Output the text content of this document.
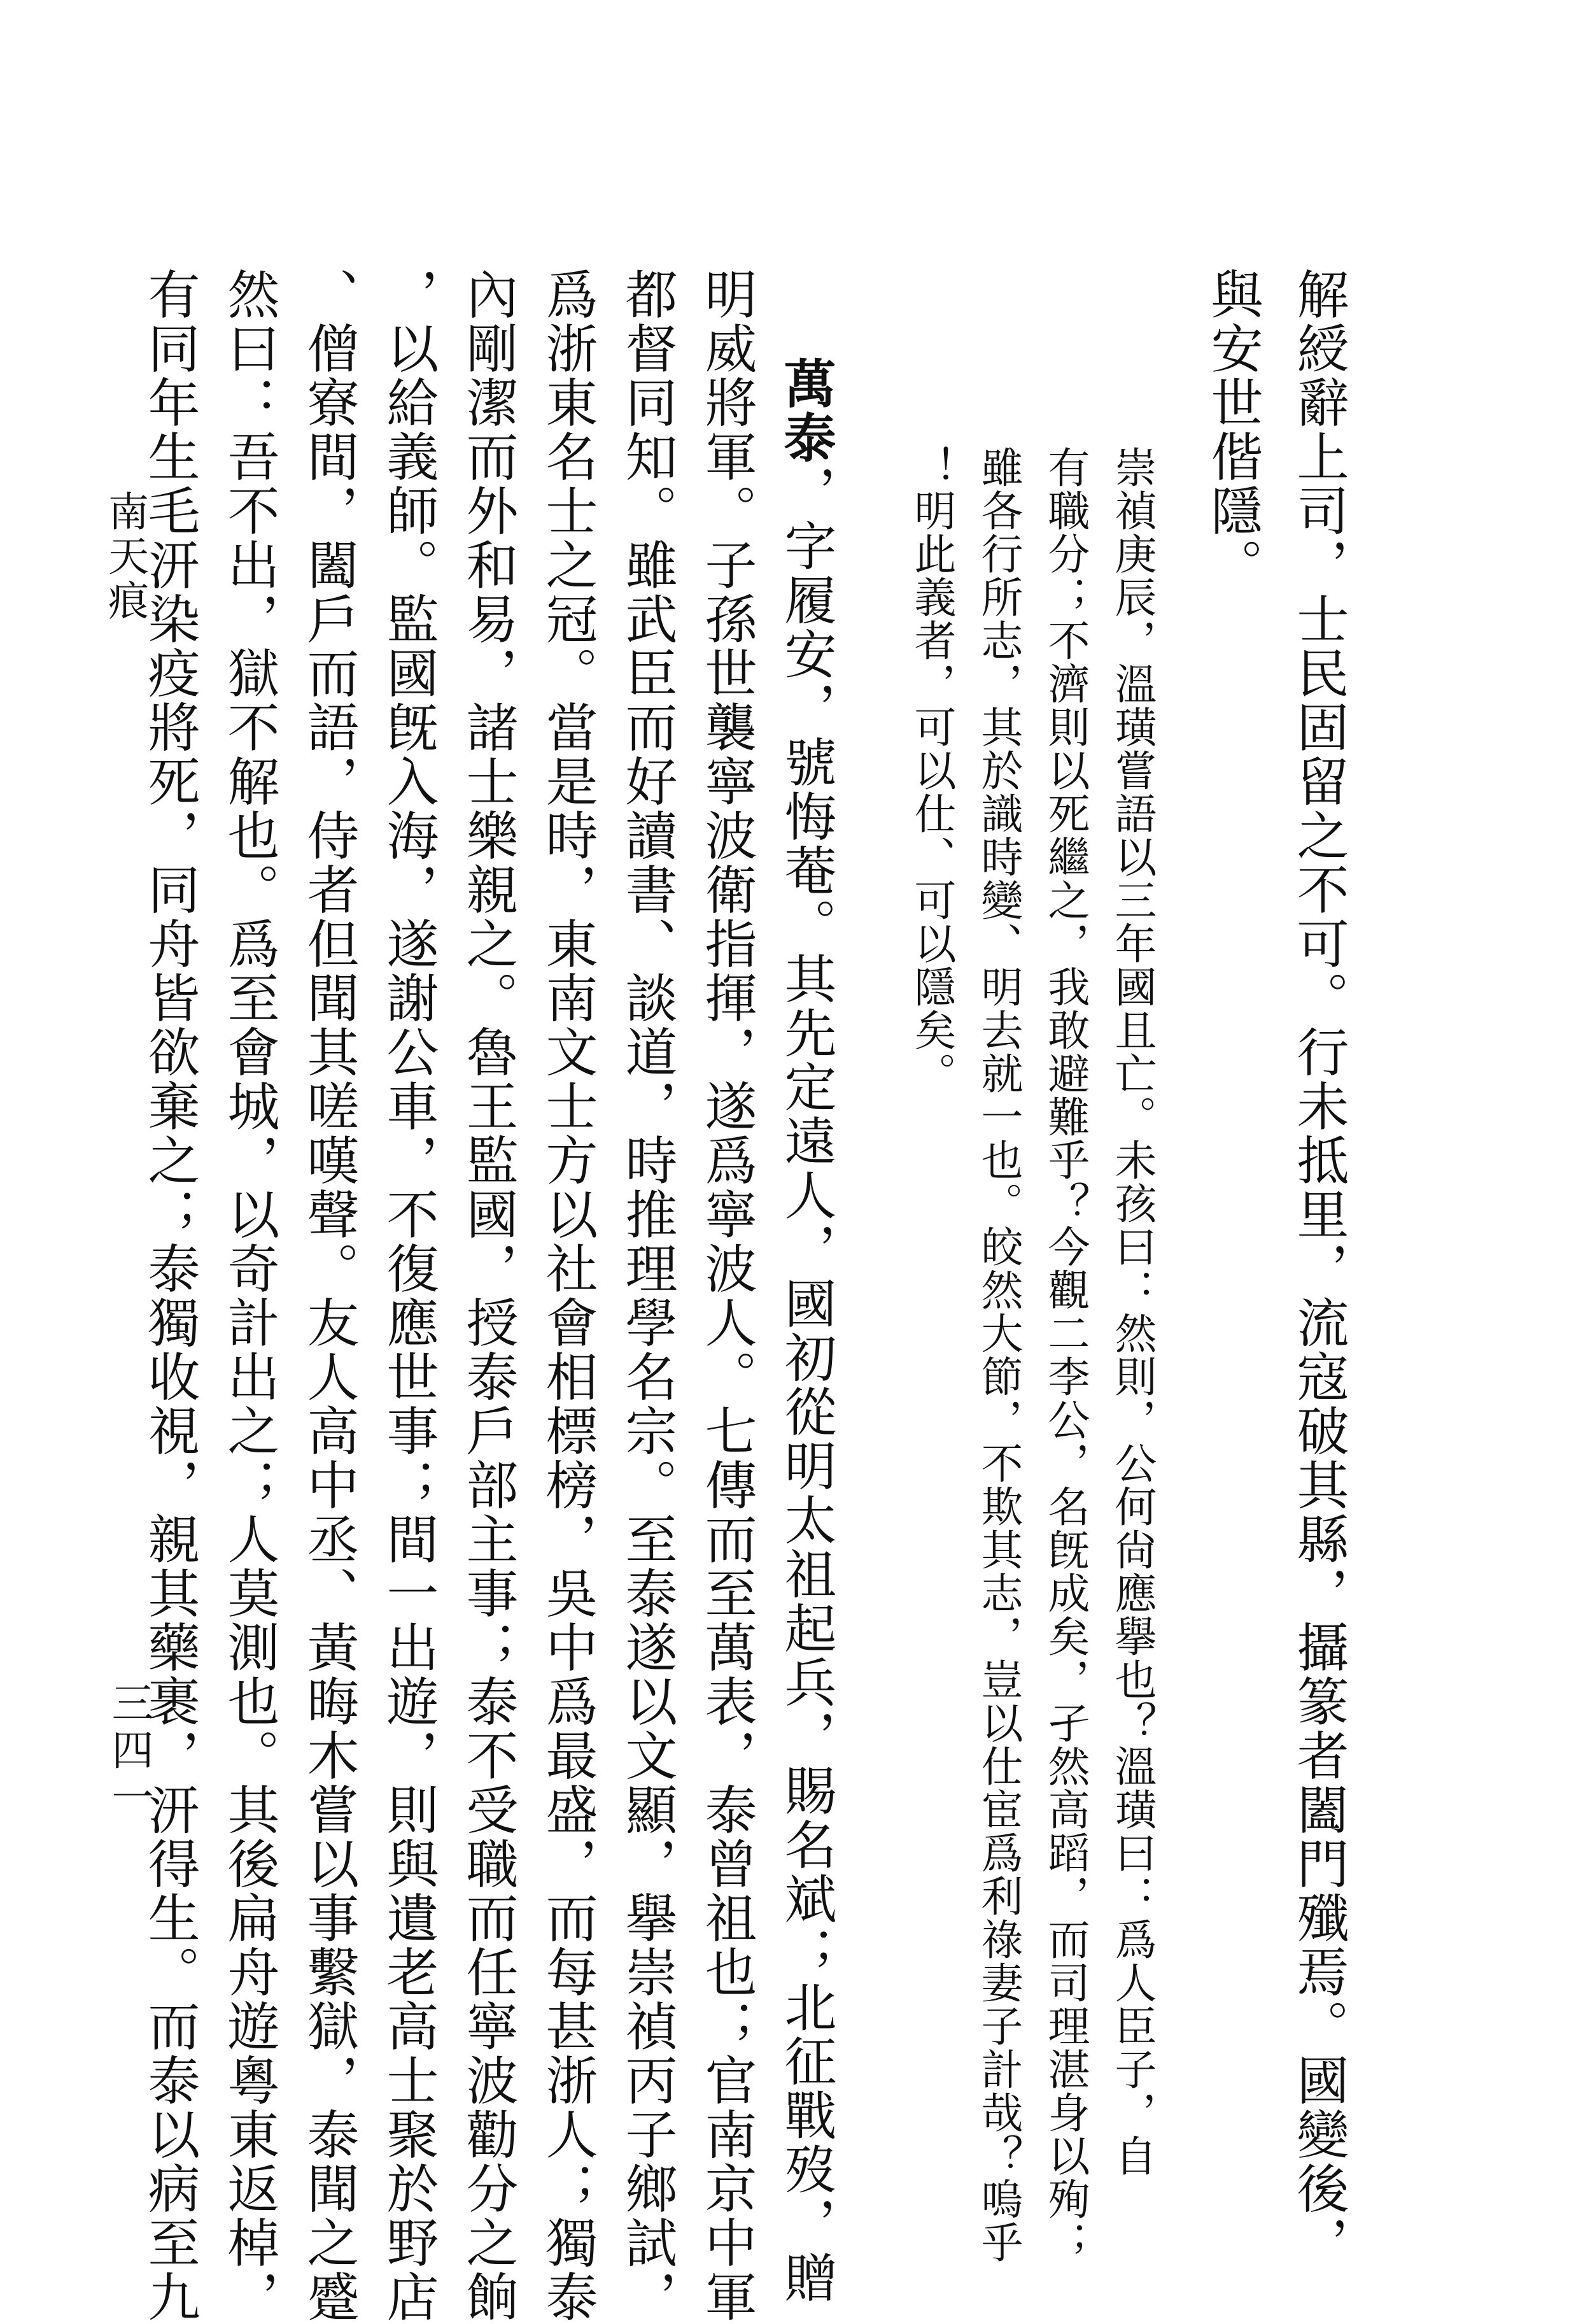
解綬辭上司，士民固留之不可。行未抵里，流寇破其縣，攝篆者闔門殲焉。國變後，
與安世偕隱。
崇禎庚辰，溫璜嘗語以三年國且亡。未孩曰：然則，公何尙應擧也？溫璜曰：爲人臣子，自
有職分；不濟則以死繼之，我敢避難乎？今觀二李公，名旣成矣，孑然高蹈，而司理湛身以殉；
雖各行所志，其於識時變、明去就一也。皎然大節，不欺其志，豈以仕宦爲利祿妻子計哉？嗚乎
！明此義者，可以仕、可以隱矣。
萬泰，字履安，號悔菴。其先定遠人，國初從明太祖起兵，賜名斌；北征戰歿，贈
明威將軍。子孫世襲寧波衛指揮，遂爲寧波人。七傳而至萬表，泰曾祖也；官南京中軍
都督同知。雖武臣而好讀書、談道，時推理學名宗。至泰遂以文顯，擧崇禎丙子鄉試，
爲浙東名士之冠。當是時，東南文士方以社會相標榜，吳中爲最盛，而每甚浙人；獨泰
內剛潔而外和易，諸士樂親之。魯王監國，授泰戶部主事；泰不受職而任寧波勸分之餉
，以給義師。監國旣入海，遂謝公車，不復應世事；間一出遊，則與遺老高士聚於野店
、僧寮間，闔戶而語，侍者但聞其嗟嘆聲。友人高中丞、黃晦木嘗以事繫獄，泰聞之蹙
然曰：吾不出，獄不解也。爲至會城，以奇計出之；人莫測也。其後扁舟遊粵東返棹，
有同年生毛汧染疫將死，同舟皆欲棄之；泰獨收視，親其藥裹，汧得生。而泰以病至九
南天痕
三四一
